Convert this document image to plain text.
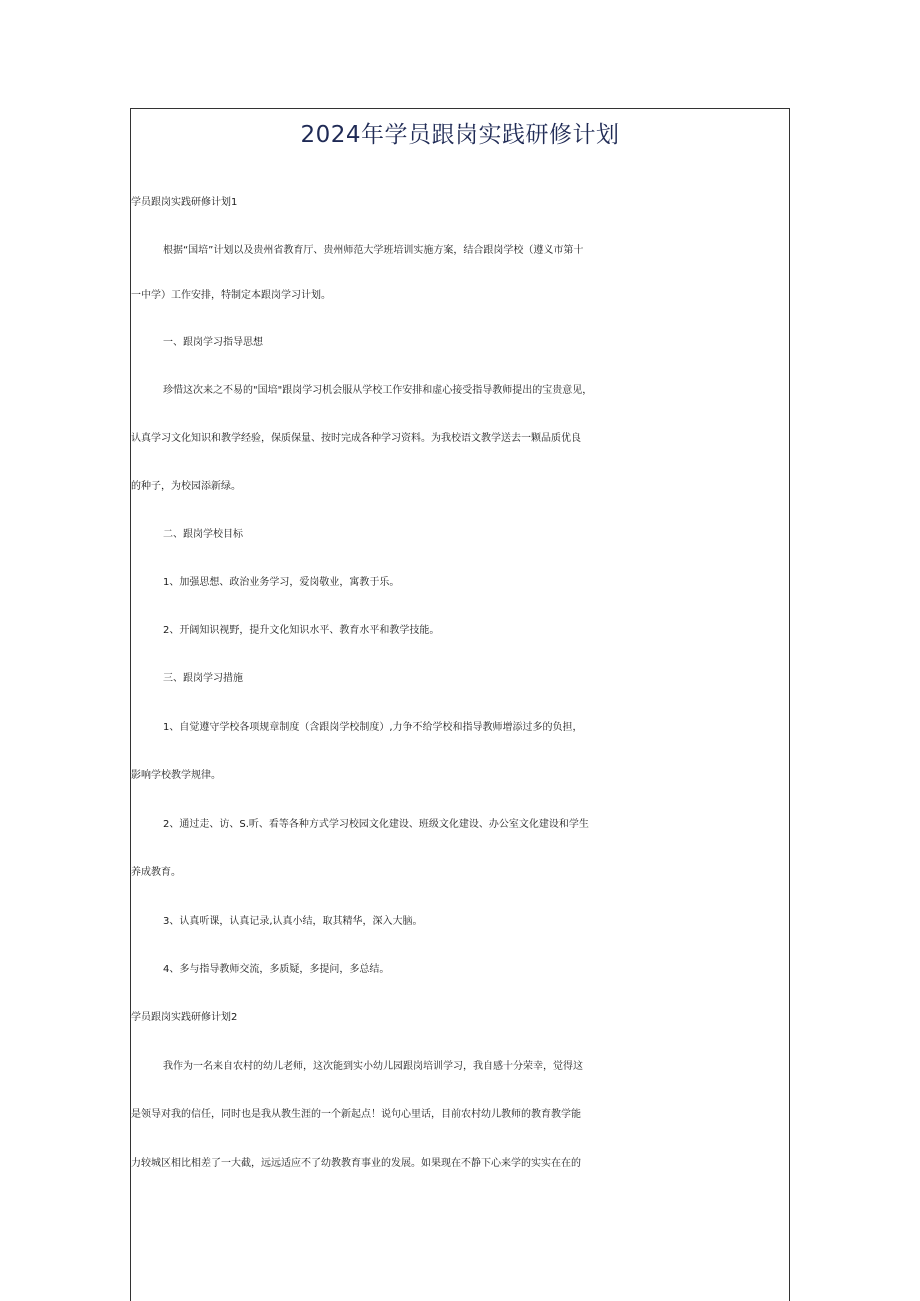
2024年学员跟岗实践研修计划

学员跟岗实践研修计划1

根据“国培”计划以及贵州省教育厅、贵州师范大学班培训实施方案，结合跟岗学校（遵义市第十

一中学）工作安排，特制定本跟岗学习计划。

一、跟岗学习指导思想

珍惜这次来之不易的"国培"跟岗学习机会服从学校工作安排和虚心接受指导教师提出的宝贵意见，

认真学习文化知识和教学经验，保质保量、按时完成各种学习资料。为我校语文教学送去一颗品质优良

的种子，为校园添新绿。

二、跟岗学校目标

1、加强思想、政治业务学习，爱岗敬业，寓教于乐。

2、开阔知识视野，提升文化知识水平、教育水平和教学技能。

三、跟岗学习措施

1、自觉遵守学校各项规章制度（含跟岗学校制度）,力争不给学校和指导教师增添过多的负担，

影响学校教学规律。

2、通过走、访、S.听、看等各种方式学习校园文化建设、班级文化建设、办公室文化建设和学生

养成教育。

3、认真听课，认真记录,认真小结，取其精华，深入大脑。

4、多与指导教师交流，多质疑，多提问，多总结。

学员跟岗实践研修计划2

我作为一名来自农村的幼儿老师，这次能到实小幼儿园跟岗培训学习，我自感十分荣幸，觉得这

是领导对我的信任，同时也是我从教生涯的一个新起点！说句心里话，目前农村幼儿教师的教育教学能

力较城区相比相差了一大截，远远适应不了幼教教育事业的发展。如果现在不静下心来学的实实在在的
